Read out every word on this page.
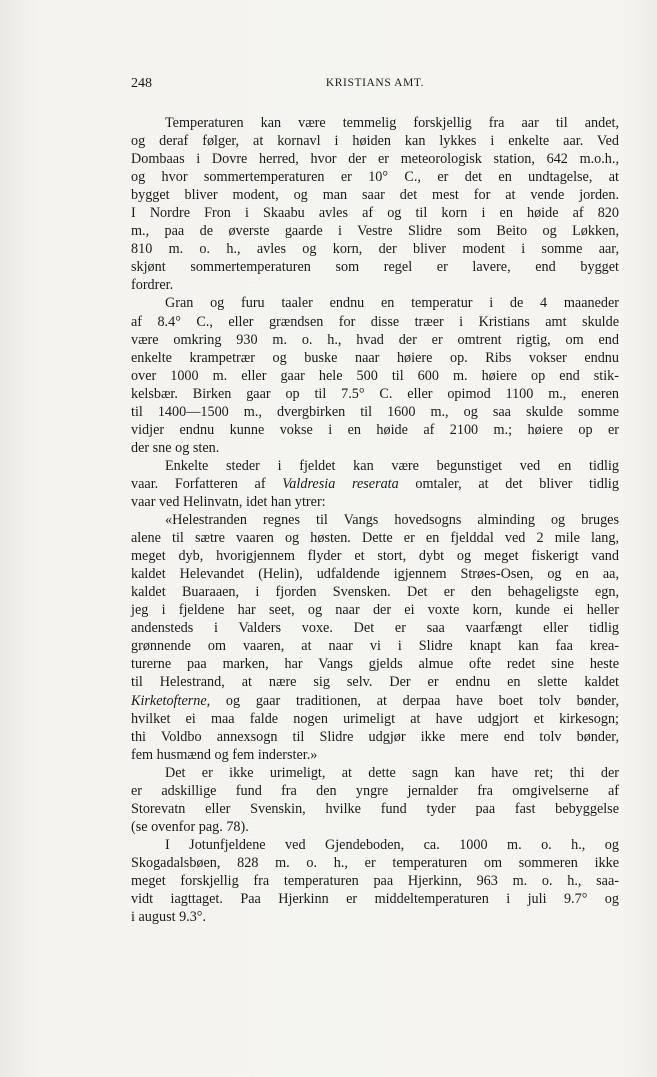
248	KRISTIANS AMT.

Temperaturen kan være temmelig forskjellig fra aar til andet,
og deraf følger, at kornavl i høiden kan lykkes i enkelte aar. Ved
Dombaas i Dovre herred, hvor der er meteorologisk station, 642 m.o.h.,
og hvor sommertemperaturen er 10° C., er det en undtagelse, at
bygget bliver modent, og man saar det mest for at vende jorden.
I Nordre Fron i Skaabu avles af og til korn i en høide af 820
m., paa de øverste gaarde i Vestre Slidre som Beito og Løkken,
810 m. o. h., avles og korn, der bliver modent i somme aar,
skjønt sommertemperaturen som regel er lavere, end bygget
fordrer.

Gran og furu taaler endnu en temperatur i de 4 maaneder
af 8.4° C., eller grændsen for disse træer i Kristians amt skulde
være omkring 930 m. o. h., hvad der er omtrent rigtig, om end
enkelte krampetrær og buske naar høiere op. Ribs vokser endnu
over 1000 m. eller gaar hele 500 til 600 m. høiere op end stik-
kelsbær. Birken gaar op til 7.5° C. eller opimod 1100 m., eneren
til 1400—1500 m., dvergbirken til 1600 m., og saa skulde somme
vidjer endnu kunne vokse i en høide af 2100 m.; høiere op er
der sne og sten.

Enkelte steder i fjeldet kan være begunstiget ved en tidlig
vaar. Forfatteren af Valdresia reserata omtaler, at det bliver tidlig
vaar ved Helinvatn, idet han ytrer:

«Helestranden regnes til Vangs hovedsogns alminding og bruges
alene til sætre vaaren og høsten. Dette er en fjelddal ved 2 mile lang,
meget dyb, hvorigjennem flyder et stort, dybt og meget fiskerigt vand
kaldet Helevandet (Helin), udfaldende igjennem Strøes-Osen, og en aa,
kaldet Buaraaen, i fjorden Svensken. Det er den behageligste egn,
jeg i fjeldene har seet, og naar der ei voxte korn, kunde ei heller
andensteds i Valders voxe. Det er saa vaarfængt eller tidlig
grønnende om vaaren, at naar vi i Slidre knapt kan faa krea-
turerne paa marken, har Vangs gjelds almue ofte redet sine heste
til Helestrand, at nære sig selv. Der er endnu en slette kaldet
Kirketofterne, og gaar traditionen, at derpaa have boet tolv bønder,
hvilket ei maa falde nogen urimeligt at have udgjort et kirkesogn;
thi Voldbo annexsogn til Slidre udgjør ikke mere end tolv bønder,
fem husmænd og fem inderster.»

Det er ikke urimeligt, at dette sagn kan have ret; thi der
er adskillige fund fra den yngre jernalder fra omgivelserne af
Storevatn eller Svenskin, hvilke fund tyder paa fast bebyggelse
(se ovenfor pag. 78).

I Jotunfjeldene ved Gjendeboden, ca. 1000 m. o. h., og
Skogadalsbøen, 828 m. o. h., er temperaturen om sommeren ikke
meget forskjellig fra temperaturen paa Hjerkinn, 963 m. o. h., saa-
vidt iagttaget. Paa Hjerkinn er middeltemperaturen i juli 9.7° og
i august 9.3°.
